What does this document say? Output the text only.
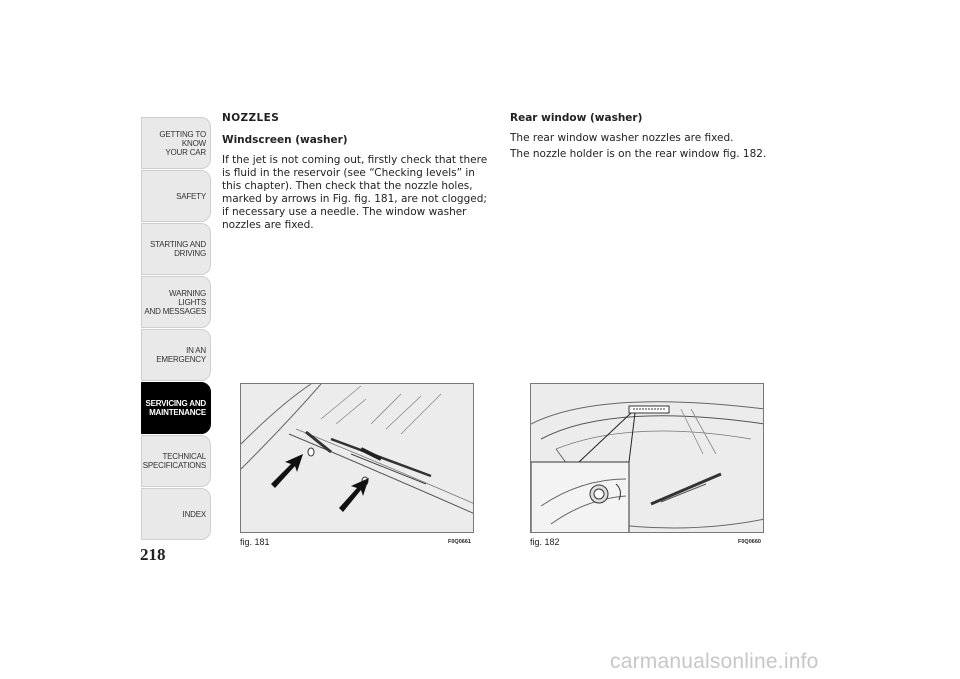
GETTING TO KNOW
YOUR CAR
SAFETY
STARTING AND
DRIVING
WARNING LIGHTS
AND MESSAGES
IN AN EMERGENCY
SERVICING AND
MAINTENANCE
TECHNICAL
SPECIFICATIONS
INDEX
218
NOZZLES
Windscreen (washer)
If the jet is not coming out, firstly check that there is fluid in the reservoir (see “Checking levels” in this chapter). Then check that the nozzle holes, marked by arrows in Fig. fig. 181, are not clogged; if necessary use a needle. The window washer nozzles are fixed.
Rear window (washer)
The rear window washer nozzles are fixed.
The nozzle holder is on the rear window fig. 182.
fig. 181	F0Q0661	fig. 182	F0Q0660
carmanualsonline.info
